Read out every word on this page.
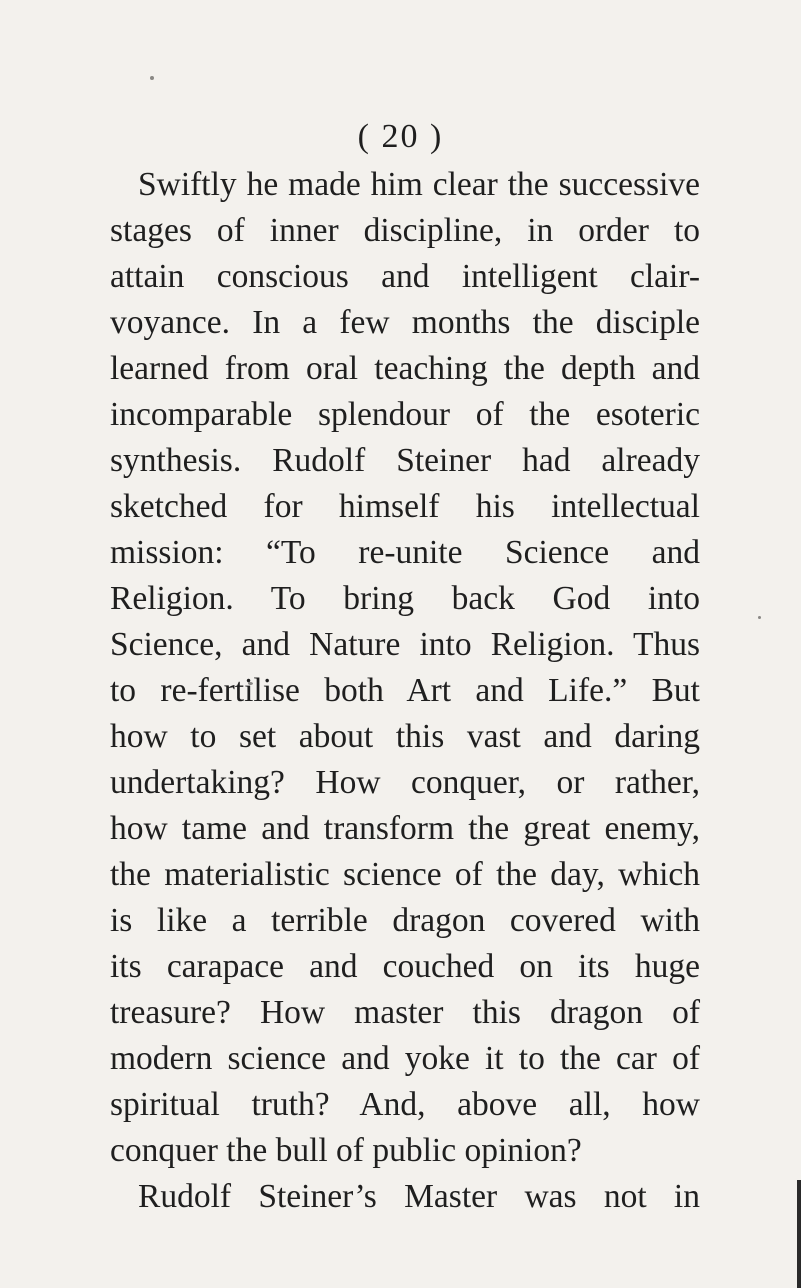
( 20 )
Swiftly he made him clear the successive
stages of inner discipline, in order to
attain conscious and intelligent clair-
voyance. In a few months the disciple
learned from oral teaching the depth and
incomparable splendour of the esoteric
synthesis. Rudolf Steiner had already
sketched for himself his intellectual
mission: “To re-unite Science and
Religion. To bring back God into
Science, and Nature into Religion. Thus
to re-fertilise both Art and Life.” But
how to set about this vast and daring
undertaking? How conquer, or rather,
how tame and transform the great enemy,
the materialistic science of the day, which
is like a terrible dragon covered with
its carapace and couched on its huge
treasure? How master this dragon of
modern science and yoke it to the car of
spiritual truth? And, above all, how
conquer the bull of public opinion?
Rudolf Steiner’s Master was not in
